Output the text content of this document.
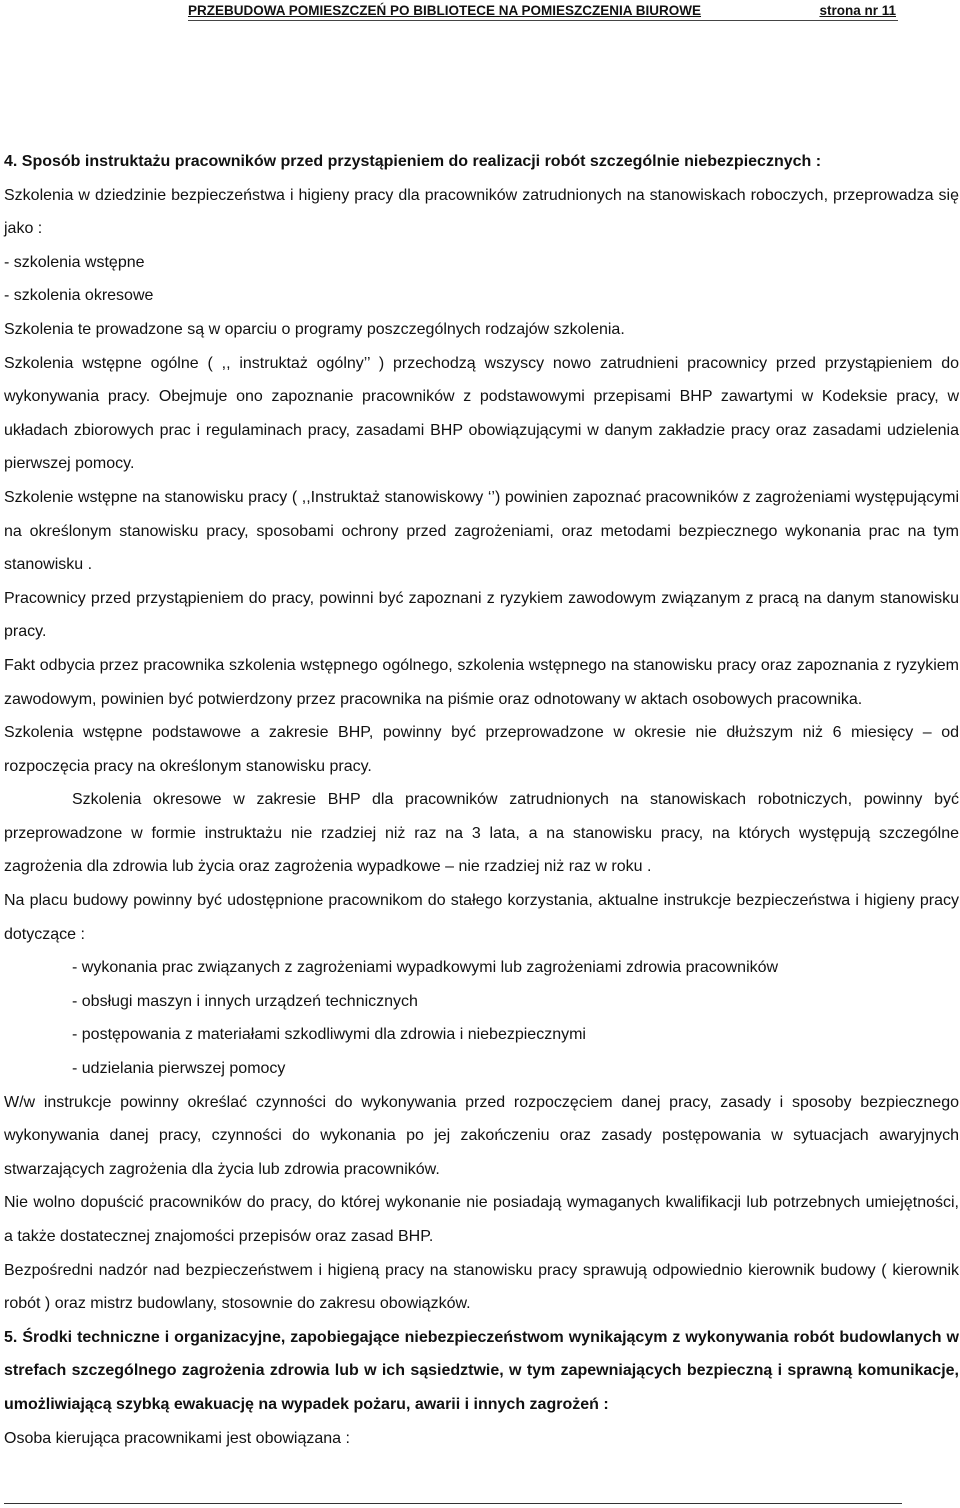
PRZEBUDOWA POMIESZCZEŃ PO BIBLIOTECE NA POMIESZCZENIA BIUROWE	strona nr 11
4. Sposób instruktażu pracowników przed przystąpieniem do realizacji robót szczególnie niebezpiecznych :
Szkolenia w dziedzinie bezpieczeństwa i higieny pracy dla pracowników zatrudnionych na stanowiskach roboczych, przeprowadza się
jako :
- szkolenia wstępne
- szkolenia okresowe
Szkolenia te prowadzone są w oparciu o programy poszczególnych rodzajów szkolenia.
Szkolenia wstępne ogólne ( ,, instruktaż ogólny’’ ) przechodzą wszyscy nowo zatrudnieni pracownicy przed przystąpieniem do
wykonywania pracy. Obejmuje ono zapoznanie pracowników z podstawowymi przepisami BHP zawartymi w Kodeksie pracy, w
układach zbiorowych prac i regulaminach pracy, zasadami BHP obowiązującymi w danym zakładzie pracy oraz zasadami udzielenia
pierwszej pomocy.
Szkolenie wstępne na stanowisku pracy ( ,,Instruktaż stanowiskowy ‘’) powinien zapoznać pracowników z zagrożeniami występującymi
na określonym stanowisku pracy, sposobami ochrony przed zagrożeniami, oraz metodami bezpiecznego wykonania prac na tym
stanowisku .
Pracownicy przed przystąpieniem do pracy, powinni być zapoznani z ryzykiem zawodowym związanym z pracą na danym stanowisku
pracy.
Fakt odbycia przez pracownika szkolenia wstępnego ogólnego, szkolenia wstępnego na stanowisku pracy oraz zapoznania z ryzykiem
zawodowym, powinien być potwierdzony przez pracownika na piśmie oraz odnotowany w aktach osobowych pracownika.
Szkolenia wstępne podstawowe a zakresie BHP, powinny być przeprowadzone w okresie nie dłuższym niż 6 miesięcy – od
rozpoczęcia pracy na określonym stanowisku pracy.
Szkolenia okresowe w zakresie BHP dla pracowników zatrudnionych na stanowiskach robotniczych, powinny być
przeprowadzone w formie instruktażu nie rzadziej niż raz na 3 lata, a na stanowisku pracy, na których występują szczególne
zagrożenia dla zdrowia lub życia oraz zagrożenia wypadkowe – nie rzadziej niż raz w roku .
Na placu budowy powinny być udostępnione pracownikom do stałego korzystania, aktualne instrukcje bezpieczeństwa i higieny pracy
dotyczące :
- wykonania prac związanych z zagrożeniami wypadkowymi lub zagrożeniami zdrowia pracowników
- obsługi maszyn i innych urządzeń technicznych
- postępowania z materiałami szkodliwymi dla zdrowia i niebezpiecznymi
- udzielania pierwszej pomocy
W/w instrukcje powinny określać czynności do wykonywania przed rozpoczęciem danej pracy, zasady i sposoby bezpiecznego
wykonywania danej pracy, czynności do wykonania po jej zakończeniu oraz zasady postępowania w sytuacjach awaryjnych
stwarzających zagrożenia dla życia lub zdrowia pracowników.
Nie wolno dopuścić pracowników do pracy, do której wykonanie nie posiadają wymaganych kwalifikacji lub potrzebnych umiejętności,
a także dostatecznej znajomości przepisów oraz zasad BHP.
Bezpośredni nadzór nad bezpieczeństwem i higieną pracy na stanowisku pracy sprawują odpowiednio kierownik budowy ( kierownik
robót ) oraz mistrz budowlany, stosownie do zakresu obowiązków.
5. Środki techniczne i organizacyjne, zapobiegające niebezpieczeństwom wynikającym z wykonywania robót budowlanych w
strefach szczególnego zagrożenia zdrowia lub w ich sąsiedztwie, w tym zapewniających bezpieczną i sprawną komunikacje,
umożliwiającą szybką ewakuację na wypadek pożaru, awarii i innych zagrożeń :
Osoba kierująca pracownikami jest obowiązana :
